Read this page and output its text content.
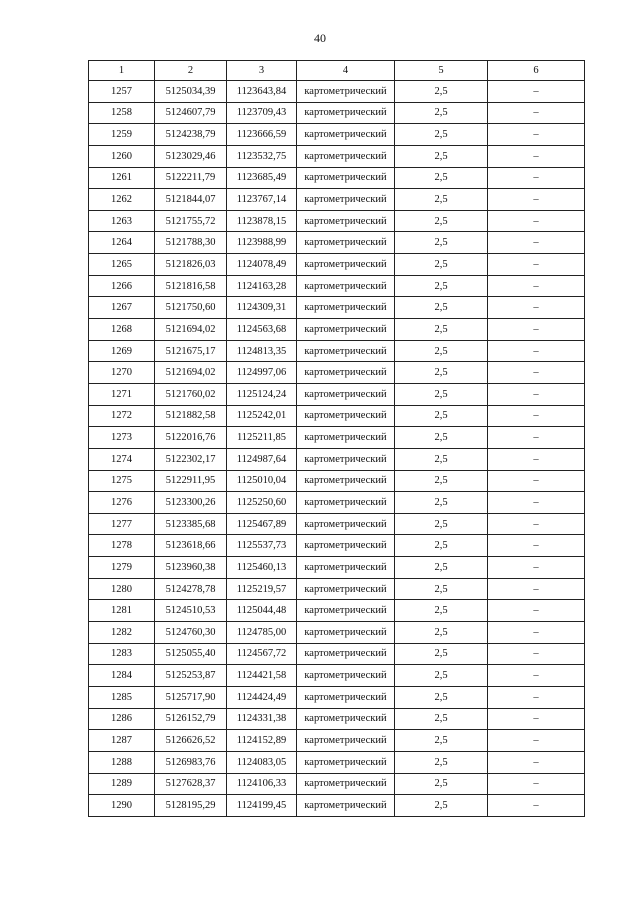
40
1	2	3	4	5	6
1257	5125034,39	1123643,84	картометрический	2,5	–
1258	5124607,79	1123709,43	картометрический	2,5	–
1259	5124238,79	1123666,59	картометрический	2,5	–
1260	5123029,46	1123532,75	картометрический	2,5	–
1261	5122211,79	1123685,49	картометрический	2,5	–
1262	5121844,07	1123767,14	картометрический	2,5	–
1263	5121755,72	1123878,15	картометрический	2,5	–
1264	5121788,30	1123988,99	картометрический	2,5	–
1265	5121826,03	1124078,49	картометрический	2,5	–
1266	5121816,58	1124163,28	картометрический	2,5	–
1267	5121750,60	1124309,31	картометрический	2,5	–
1268	5121694,02	1124563,68	картометрический	2,5	–
1269	5121675,17	1124813,35	картометрический	2,5	–
1270	5121694,02	1124997,06	картометрический	2,5	–
1271	5121760,02	1125124,24	картометрический	2,5	–
1272	5121882,58	1125242,01	картометрический	2,5	–
1273	5122016,76	1125211,85	картометрический	2,5	–
1274	5122302,17	1124987,64	картометрический	2,5	–
1275	5122911,95	1125010,04	картометрический	2,5	–
1276	5123300,26	1125250,60	картометрический	2,5	–
1277	5123385,68	1125467,89	картометрический	2,5	–
1278	5123618,66	1125537,73	картометрический	2,5	–
1279	5123960,38	1125460,13	картометрический	2,5	–
1280	5124278,78	1125219,57	картометрический	2,5	–
1281	5124510,53	1125044,48	картометрический	2,5	–
1282	5124760,30	1124785,00	картометрический	2,5	–
1283	5125055,40	1124567,72	картометрический	2,5	–
1284	5125253,87	1124421,58	картометрический	2,5	–
1285	5125717,90	1124424,49	картометрический	2,5	–
1286	5126152,79	1124331,38	картометрический	2,5	–
1287	5126626,52	1124152,89	картометрический	2,5	–
1288	5126983,76	1124083,05	картометрический	2,5	–
1289	5127628,37	1124106,33	картометрический	2,5	–
1290	5128195,29	1124199,45	картометрический	2,5	–
